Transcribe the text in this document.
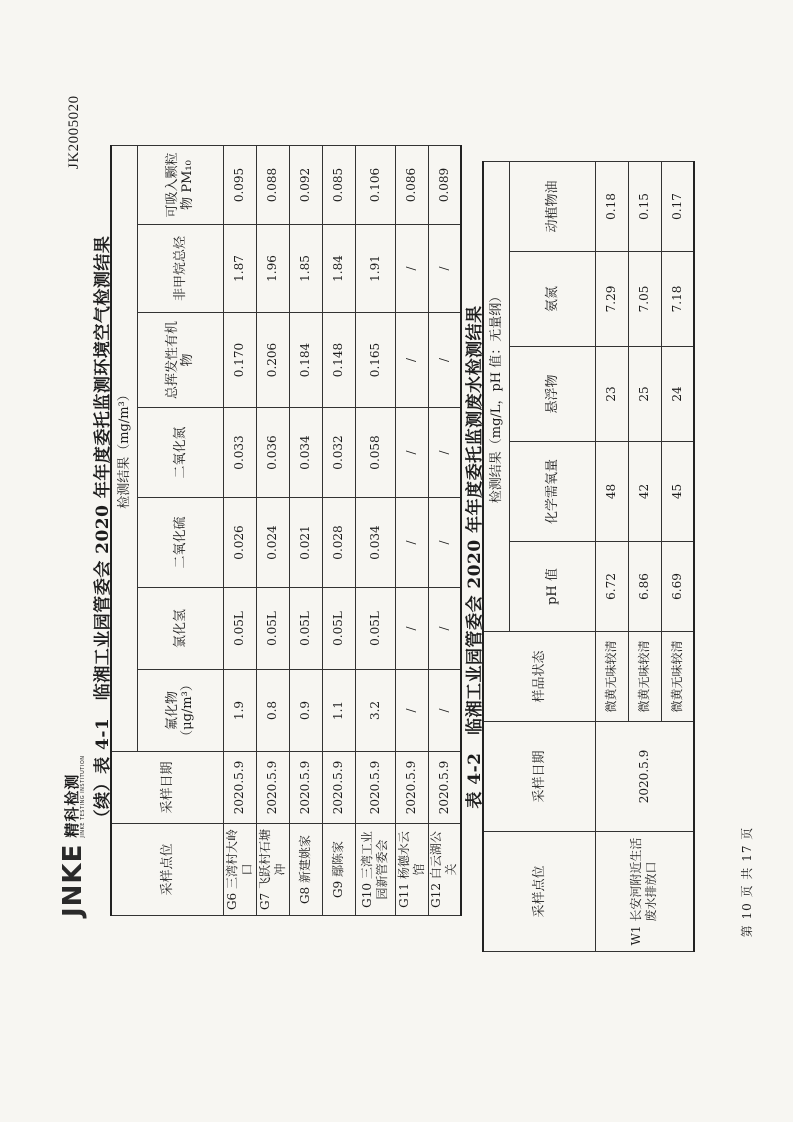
JNKE
精科检测 JINKE TESTING INSTITUTION
JK2005020
（续）表 4-1　临湘工业园管委会 2020 年年度委托监测环境空气检测结果
采样点位	采样日期	检测结果（mg/m³）						
		氟化物（μg/m³）	氯化氢	二氧化硫	二氧化氮	总挥发性有机物	非甲烷总烃	可吸入颗粒物 PM₁₀
G6 三湾村大岭口	2020.5.9	1.9	0.05L	0.026	0.033	0.170	1.87	0.095
G7 飞跃村石塘冲	2020.5.9	0.8	0.05L	0.024	0.036	0.206	1.96	0.088
G8 新建姚家	2020.5.9	0.9	0.05L	0.021	0.034	0.184	1.85	0.092
G9 鄢陈家	2020.5.9	1.1	0.05L	0.028	0.032	0.148	1.84	0.085
G10 三湾工业园新管委会	2020.5.9	3.2	0.05L	0.034	0.058	0.165	1.91	0.106
G11 杨德水云馆	2020.5.9	/	/	/	/	/	/	0.086
G12 白云湖公关	2020.5.9	/	/	/	/	/	/	0.089
表 4-2　临湘工业园管委会 2020 年年度委托监测废水检测结果
采样点位	采样日期	样品状态	检测结果（mg/L，pH 值：无量纲）				
			pH 值	化学需氧量	悬浮物	氨氮	动植物油
W1 长安河附近生活废水排放口	2020.5.9	微黄无味较清	6.72	48	23	7.29	0.18
		微黄无味较清	6.86	42	25	7.05	0.15
		微黄无味较清	6.69	45	24	7.18	0.17
第 10 页 共 17 页
